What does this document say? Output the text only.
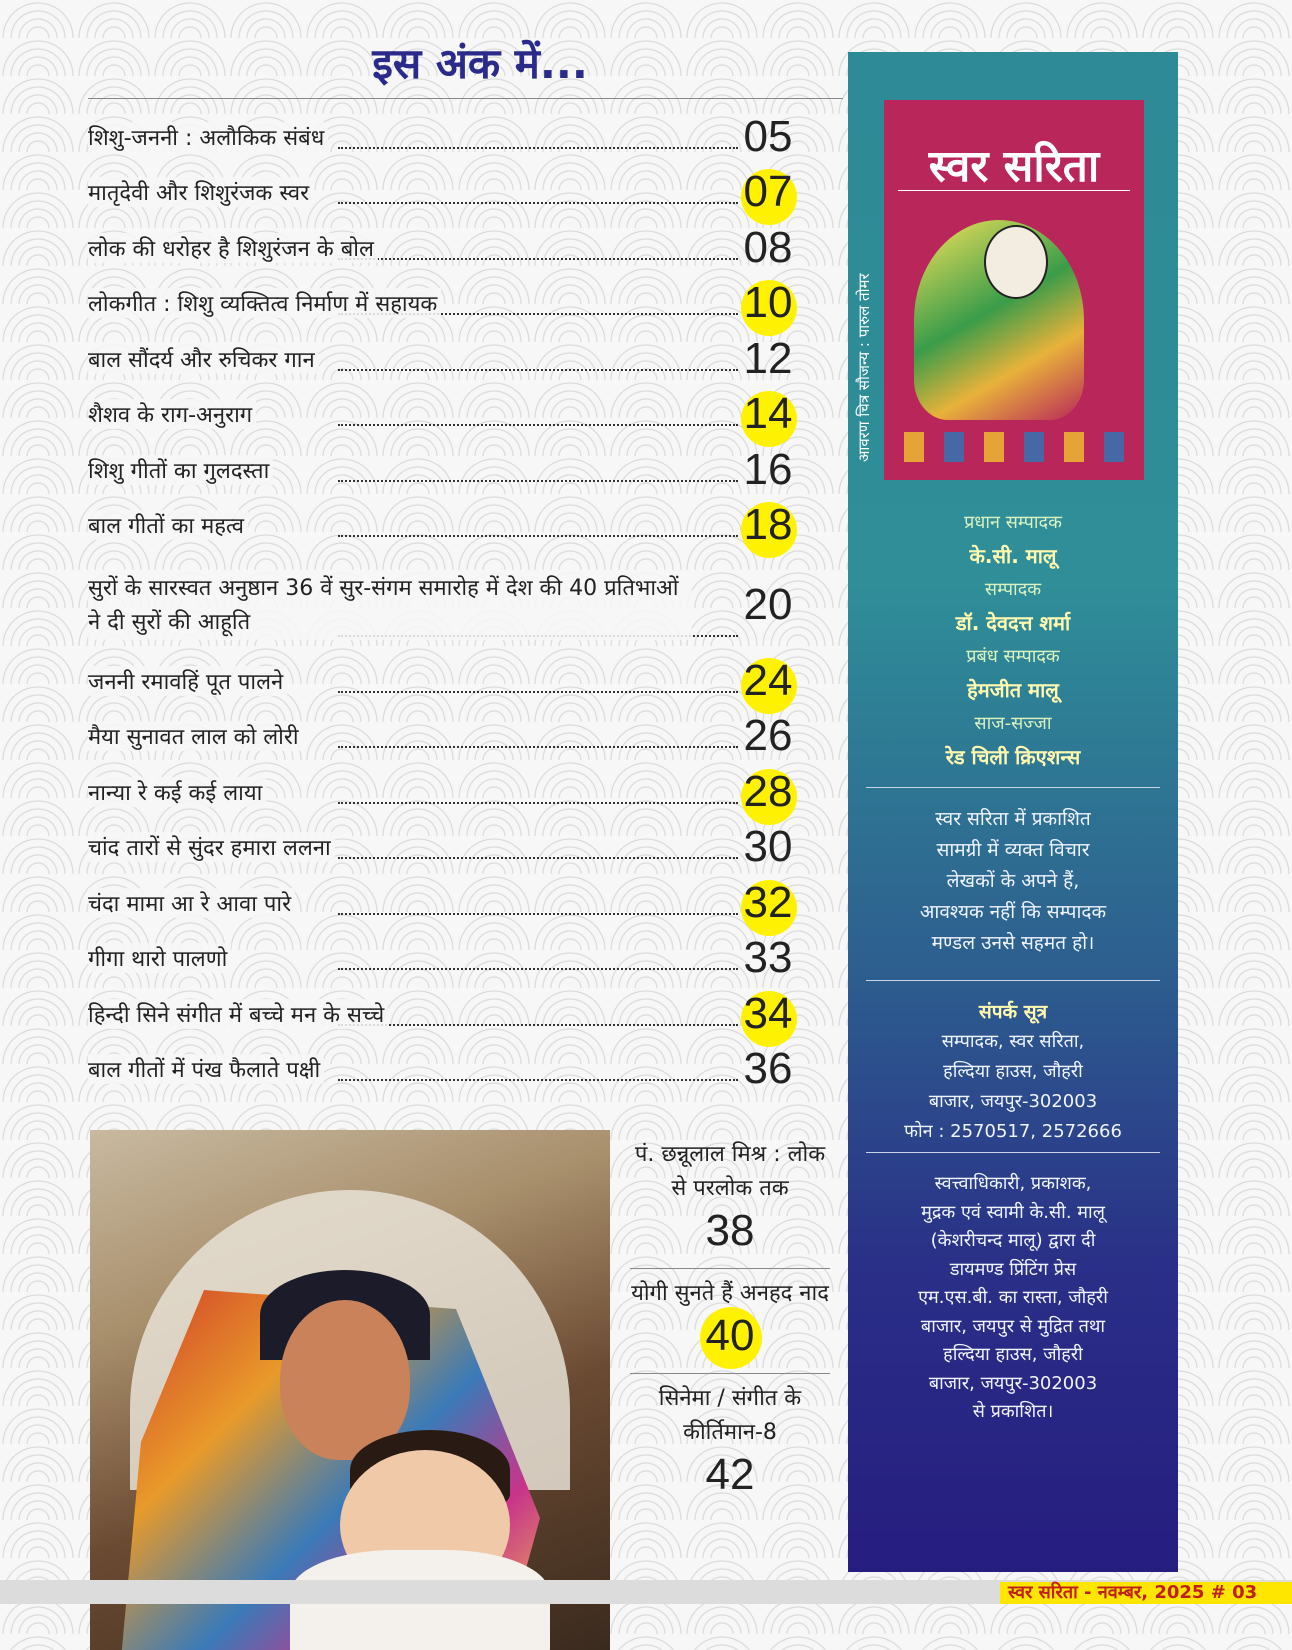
इस अंक में...
शिशु-जननी : अलौकिक संबंध	05
मातृदेवी और शिशुरंजक स्वर	07
लोक की धरोहर है शिशुरंजन के बोल	08
लोकगीत : शिशु व्यक्तित्व निर्माण में सहायक	10
बाल सौंदर्य और रुचिकर गान	12
शैशव के राग-अनुराग	14
शिशु गीतों का गुलदस्ता	16
बाल गीतों का महत्व	18
सुरों के सारस्वत अनुष्ठान 36 वें सुर-संगम समारोह में देश की 40 प्रतिभाओं ने दी सुरों की आहूति	20
जननी रमावहिं पूत पालने	24
मैया सुनावत लाल को लोरी	26
नान्या रे कई कई लाया	28
चांद तारों से सुंदर हमारा ललना	30
चंदा मामा आ रे आवा पारे	32
गीगा थारो पालणो	33
हिन्दी सिने संगीत में बच्चे मन के सच्चे	34
बाल गीतों में पंख फैलाते पक्षी	36
पं. छन्नूलाल मिश्र : लोक से परलोक तक
38
योगी सुनते हैं अनहद नाद
40
सिनेमा / संगीत के कीर्तिमान-8
42
स्वर सरिता
आवरण चित्र सौजन्य : पारुल तोमर
प्रधान सम्पादक
के.सी. मालू
सम्पादक
डॉ. देवदत्त शर्मा
प्रबंध सम्पादक
हेमजीत मालू
साज-सज्जा
रेड चिली क्रिएशन्स
स्वर सरिता में प्रकाशित
सामग्री में व्यक्त विचार
लेखकों के अपने हैं,
आवश्यक नहीं कि सम्पादक
मण्डल उनसे सहमत हो।
संपर्क सूत्र
सम्पादक, स्वर सरिता,
हल्दिया हाउस, जौहरी
बाजार, जयपुर-302003
फोन : 2570517, 2572666
स्वत्त्वाधिकारी, प्रकाशक,
मुद्रक एवं स्वामी के.सी. मालू
(केशरीचन्द मालू) द्वारा दी
डायमण्ड प्रिंटिंग प्रेस
एम.एस.बी. का रास्ता, जौहरी
बाजार, जयपुर से मुद्रित तथा
हल्दिया हाउस, जौहरी
बाजार, जयपुर-302003
से प्रकाशित।
स्वर सरिता - नवम्बर, 2025 # 03
